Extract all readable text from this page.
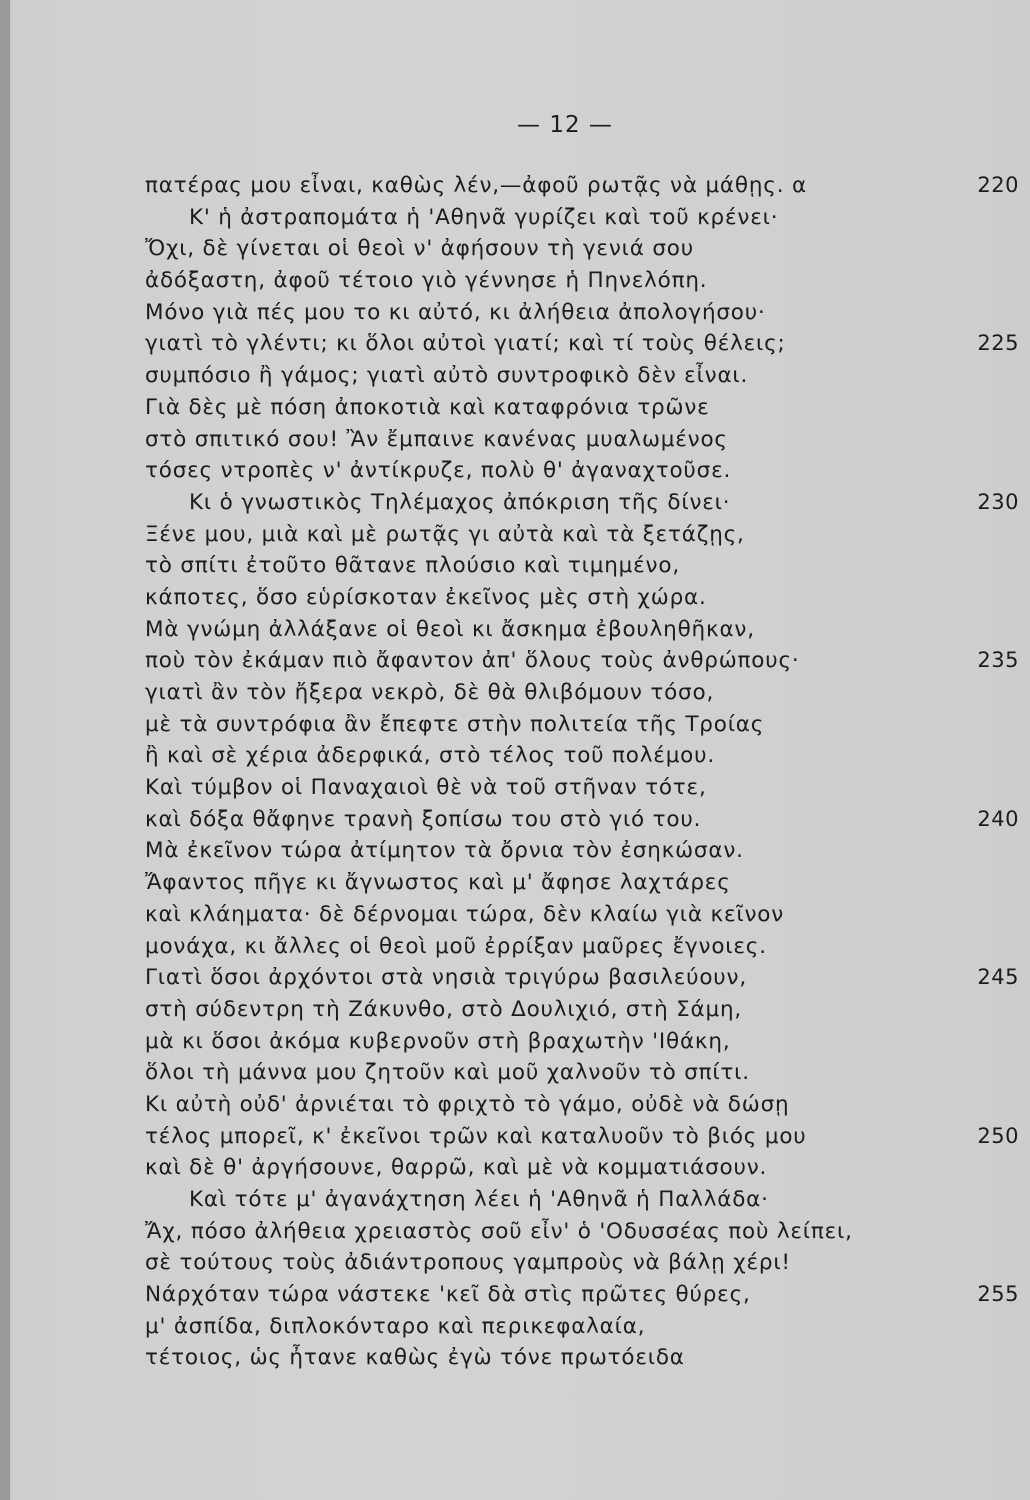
— 12 —
πατέρας μου εἶναι, καθὼς λέν,—ἀφοῦ ρωτᾷς νὰ μάθῃς. α	220
Κ' ἡ ἀστραπομάτα ἡ 'Αθηνᾶ γυρίζει καὶ τοῦ κρένει·
Ὄχι, δὲ γίνεται οἱ θεοὶ ν' ἀφήσουν τὴ γενιά σου
ἀδόξαστη, ἀφοῦ τέτοιο γιὸ γέννησε ἡ Πηνελόπη.
Μόνο γιὰ πές μου το κι αὐτό, κι ἀλήθεια ἀπολογήσου·
γιατὶ τὸ γλέντι; κι ὅλοι αὐτοὶ γιατί; καὶ τί τοὺς θέλεις;	225
συμπόσιο ἢ γάμος; γιατὶ αὐτὸ συντροφικὸ δὲν εἶναι.
Γιὰ δὲς μὲ πόση ἀποκοτιὰ καὶ καταφρόνια τρῶνε
στὸ σπιτικό σου! Ἂν ἔμπαινε κανένας μυαλωμένος
τόσες ντροπὲς ν' ἀντίκρυζε, πολὺ θ' ἀγαναχτοῦσε.
Κι ὁ γνωστικὸς Τηλέμαχος ἀπόκριση τῆς δίνει·	230
Ξένε μου, μιὰ καὶ μὲ ρωτᾷς γι αὐτὰ καὶ τὰ ξετάζῃς,
τὸ σπίτι ἐτοῦτο θᾶτανε πλούσιο καὶ τιμημένο,
κάποτες, ὅσο εὑρίσκοταν ἐκεῖνος μὲς στὴ χώρα.
Μὰ γνώμη ἀλλάξανε οἱ θεοὶ κι ἄσκημα ἐβουληθῆκαν,
ποὺ τὸν ἐκάμαν πιὸ ἄφαντον ἀπ' ὅλους τοὺς ἀνθρώπους·	235
γιατὶ ἂν τὸν ἤξερα νεκρὸ, δὲ θὰ θλιβόμουν τόσο,
μὲ τὰ συντρόφια ἂν ἔπεφτε στὴν πολιτεία τῆς Τροίας
ἢ καὶ σὲ χέρια ἀδερφικά, στὸ τέλος τοῦ πολέμου.
Καὶ τύμβον οἱ Παναχαιοὶ θὲ νὰ τοῦ στῆναν τότε,
καὶ δόξα θἄφηνε τρανὴ ξοπίσω του στὸ γιό του.	240
Μὰ ἐκεῖνον τώρα ἀτίμητον τὰ ὄρνια τὸν ἐσηκώσαν.
Ἄφαντος πῆγε κι ἄγνωστος καὶ μ' ἄφησε λαχτάρες
καὶ κλάηματα· δὲ δέρνομαι τώρα, δὲν κλαίω γιὰ κεῖνον
μονάχα, κι ἄλλες οἱ θεοὶ μοῦ ἐρρίξαν μαῦρες ἔγνοιες.
Γιατὶ ὅσοι ἀρχόντοι στὰ νησιὰ τριγύρω βασιλεύουν,	245
στὴ σύδεντρη τὴ Ζάκυνθο, στὸ Δουλιχιό, στὴ Σάμη,
μὰ κι ὅσοι ἀκόμα κυβερνοῦν στὴ βραχωτὴν 'Ιθάκη,
ὅλοι τὴ μάννα μου ζητοῦν καὶ μοῦ χαλνοῦν τὸ σπίτι.
Κι αὐτὴ οὐδ' ἀρνιέται τὸ φριχτὸ τὸ γάμο, οὐδὲ νὰ δώσῃ
τέλος μπορεῖ, κ' ἐκεῖνοι τρῶν καὶ καταλυοῦν τὸ βιός μου	250
καὶ δὲ θ' ἀργήσουνε, θαρρῶ, καὶ μὲ νὰ κομματιάσουν.
Καὶ τότε μ' ἀγανάχτηση λέει ἡ 'Αθηνᾶ ἡ Παλλάδα·
Ἄχ, πόσο ἀλήθεια χρειαστὸς σοῦ εἶν' ὁ 'Οδυσσέας ποὺ λείπει,
σὲ τούτους τοὺς ἀδιάντροπους γαμπροὺς νὰ βάλῃ χέρι!
Νάρχόταν τώρα νάστεκε 'κεῖ δὰ στὶς πρῶτες θύρες,	255
μ' ἀσπίδα, διπλοκόνταρο καὶ περικεφαλαία,
τέτοιος, ὡς ἦτανε καθὼς ἐγὼ τόνε πρωτόειδα
